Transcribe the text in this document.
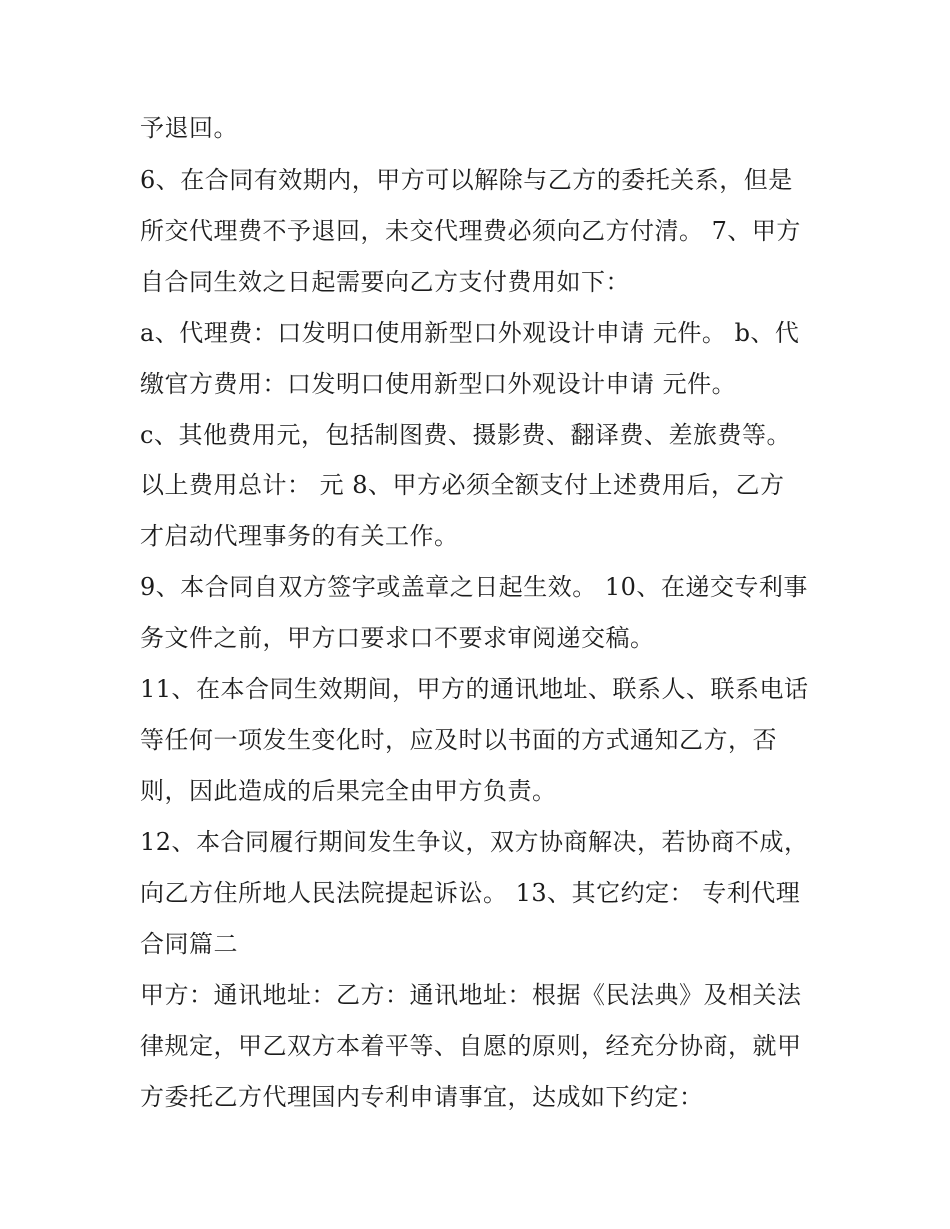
予退回。
6、在合同有效期内，甲方可以解除与乙方的委托关系，但是
所交代理费不予退回，未交代理费必须向乙方付清。 7、甲方
自合同生效之日起需要向乙方支付费用如下：
a、代理费：口发明口使用新型口外观设计申请 元件。 b、代
缴官方费用：口发明口使用新型口外观设计申请 元件。
c、其他费用元，包括制图费、摄影费、翻译费、差旅费等。
以上费用总计： 元 8、甲方必须全额支付上述费用后，乙方
才启动代理事务的有关工作。
9、本合同自双方签字或盖章之日起生效。 10、在递交专利事
务文件之前，甲方口要求口不要求审阅递交稿。
11、在本合同生效期间，甲方的通讯地址、联系人、联系电话
等任何一项发生变化时，应及时以书面的方式通知乙方，否
则，因此造成的后果完全由甲方负责。
12、本合同履行期间发生争议，双方协商解决，若协商不成，
向乙方住所地人民法院提起诉讼。 13、其它约定： 专利代理
合同篇二
甲方：通讯地址：乙方：通讯地址：根据《民法典》及相关法
律规定，甲乙双方本着平等、自愿的原则，经充分协商，就甲
方委托乙方代理国内专利申请事宜，达成如下约定：
